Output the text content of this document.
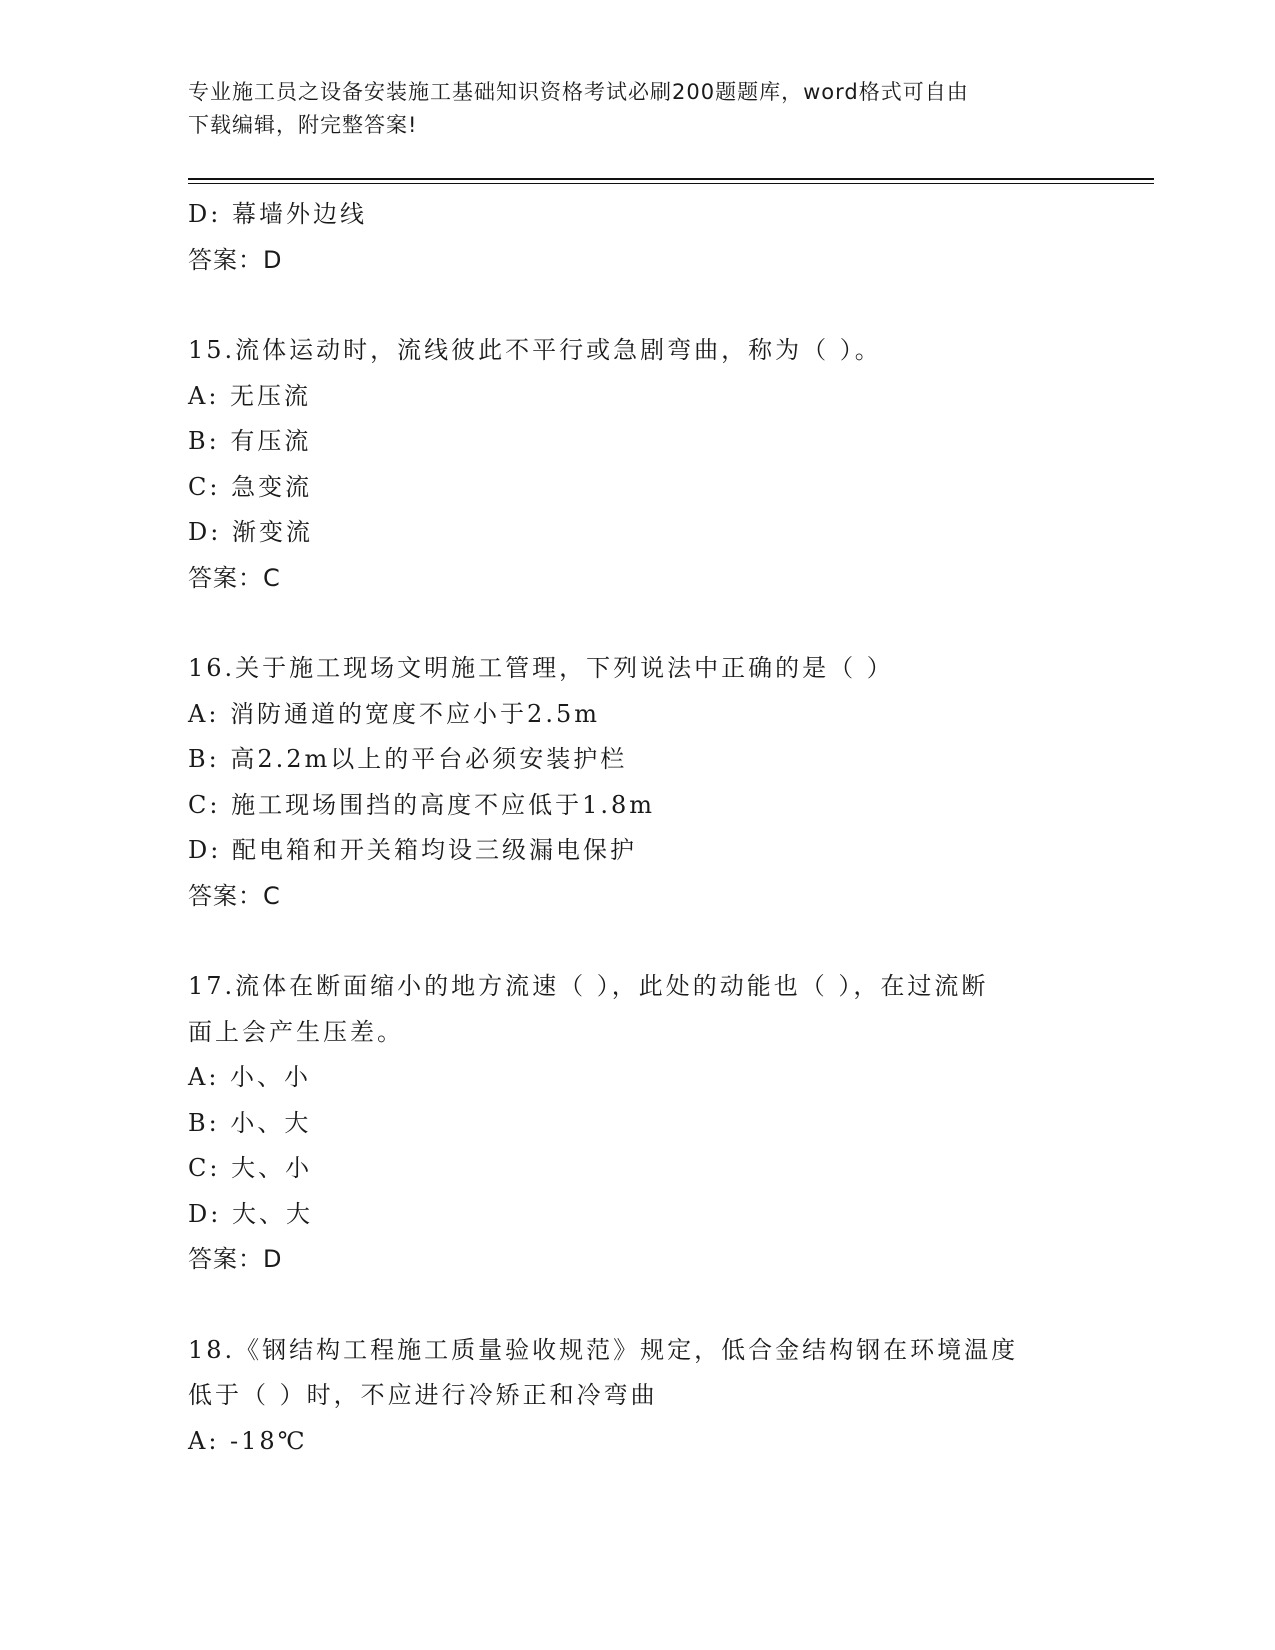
专业施工员之设备安装施工基础知识资格考试必刷200题题库，word格式可自由
下载编辑，附完整答案!
D: 幕墙外边线
答案：D
15.流体运动时，流线彼此不平行或急剧弯曲，称为（ ）。
A: 无压流
B: 有压流
C: 急变流
D: 渐变流
答案：C
16.关于施工现场文明施工管理，下列说法中正确的是（ ）
A: 消防通道的宽度不应小于2.5m
B: 高2.2m以上的平台必须安装护栏
C: 施工现场围挡的高度不应低于1.8m
D: 配电箱和开关箱均设三级漏电保护
答案：C
17.流体在断面缩小的地方流速（ ），此处的动能也（ ），在过流断
面上会产生压差。
A: 小、小
B: 小、大
C: 大、小
D: 大、大
答案：D
18.《钢结构工程施工质量验收规范》规定，低合金结构钢在环境温度
低于（ ）时，不应进行冷矫正和冷弯曲
A: -18℃
